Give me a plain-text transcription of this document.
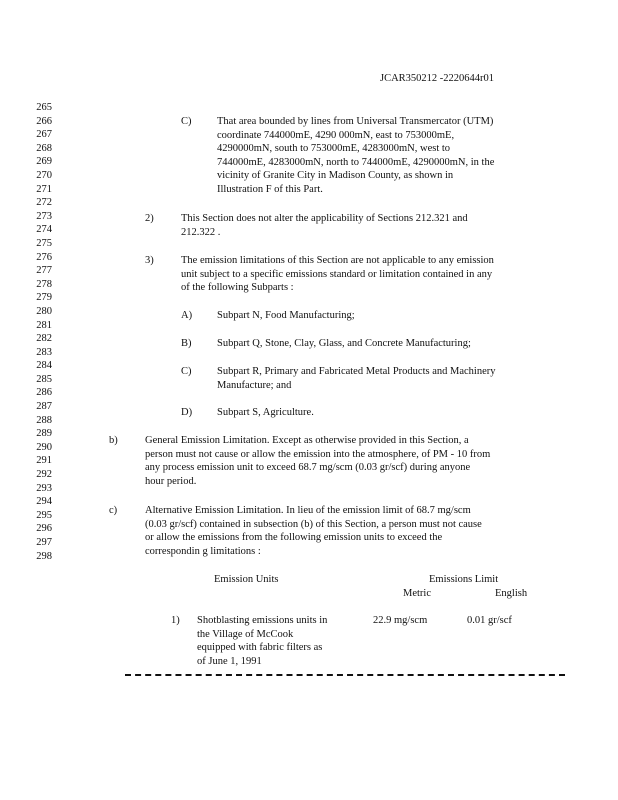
JCAR350212 -2220644r01
265
266
267
268
269
270
271
272
273
274
275
276
277
278
279
280
281
282
283
284
285
286
287
288
289
290
291
292
293
294
295
296
297
298
C) That area bounded by lines from Universal Transmercator (UTM)
coordinate 744000mE, 4290 000mN, east to 753000mE,
4290000mN, south to 753000mE, 4283000mN, west to
744000mE, 4283000mN, north to 744000mE, 4290000mN, in the
vicinity of Granite City in Madison County, as shown in
Illustration F of this Part.
2)	This Section does not alter the applicability of Sections 212.321 and
212.322 .
3)	The emission limitations of this Section are not applicable to any emission
unit subject to a specific emissions standard or limitation contained in any
of the following Subparts :
A) Subpart N, Food Manufacturing;
B) Subpart Q, Stone, Clay, Glass, and Concrete Manufacturing;
C) Subpart R, Primary and Fabricated Metal Products and Machinery
Manufacture; and
D) Subpart S, Agriculture.
b)	General Emission Limitation. Except as otherwise provided in this Section, a
person must not cause or allow the emission into the atmosphere, of PM - 10 from
any process emission unit to exceed 68.7 mg/scm (0.03 gr/scf) during anyone
hour period.
c)	Alternative Emission Limitation. In lieu of the emission limit of 68.7 mg/scm
(0.03 gr/scf) contained in subsection (b) of this Section, a person must not cause
or allow the emissions from the following emission units to exceed the
correspondin g limitations :
Emission Units	Emissions Limit
Metric	English
1) Shotblasting emissions units in
the Village of McCook
equipped with fabric filters as
of June 1, 1991
22.9 mg/scm	0.01 gr/scf
